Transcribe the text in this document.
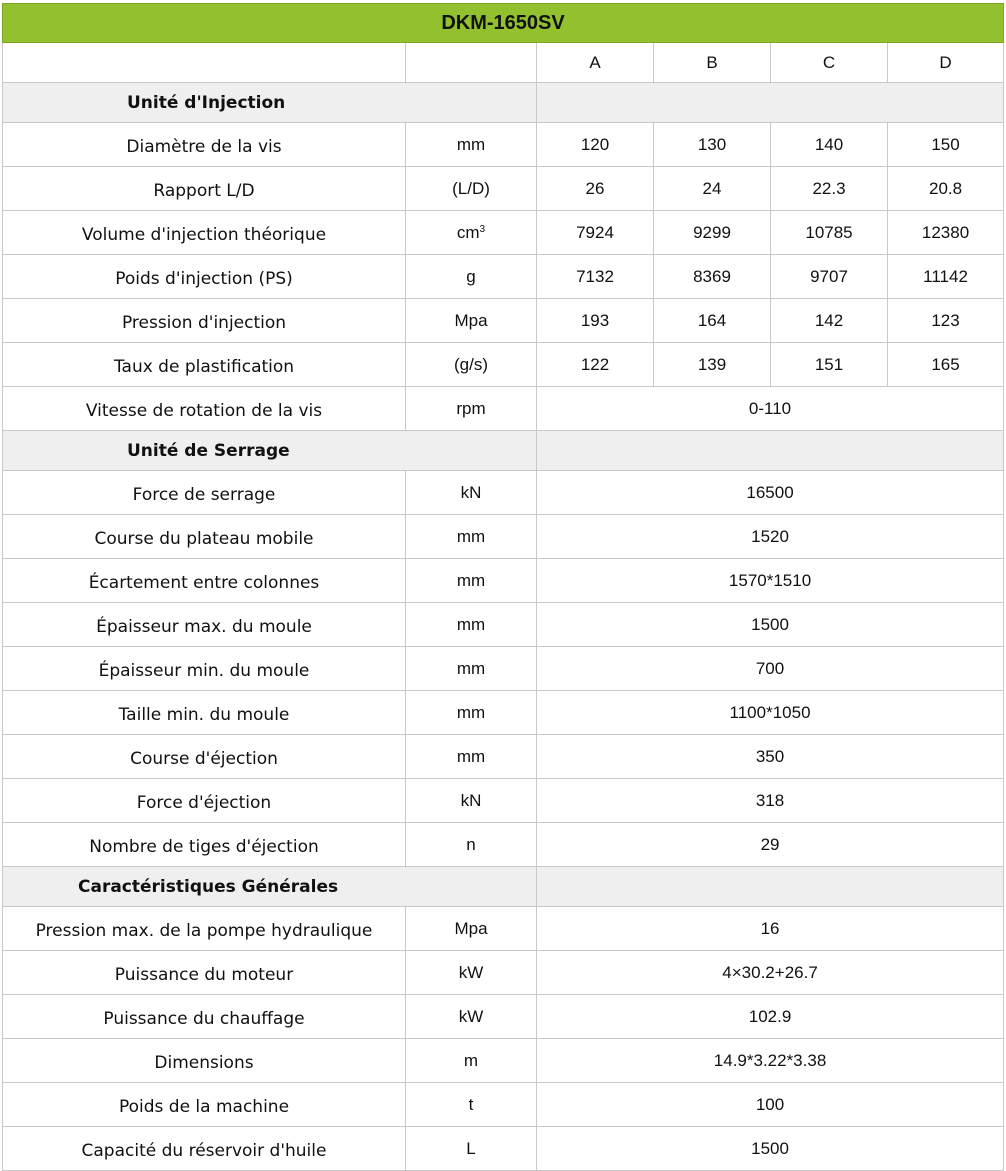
DKM-1650SV					
		A	B	C	D
Unité d'Injection					
Diamètre de la vis	mm	120	130	140	150
Rapport L/D	(L/D)	26	24	22.3	20.8
Volume d'injection théorique	$cm^3$	7924	9299	10785	12380
Poids d'injection (PS)	g	7132	8369	9707	11142
Pression d'injection	Mpa	193	164	142	123
Taux de plastification	(g/s)	122	139	151	165
Vitesse de rotation de la vis	rpm	0-110			
Unité de Serrage					
Force de serrage	kN	16500			
Course du plateau mobile	mm	1520			
Écartement entre colonnes	mm	1570*1510			
Épaisseur max. du moule	mm	1500			
Épaisseur min. du moule	mm	700			
Taille min. du moule	mm	1100*1050			
Course d'éjection	mm	350			
Force d'éjection	kN	318			
Nombre de tiges d'éjection	n	29			
Caractéristiques Générales					
Pression max. de la pompe hydraulique	Mpa	16			
Puissance du moteur	kW	4×30.2+26.7			
Puissance du chauffage	kW	102.9			
Dimensions	m	14.9*3.22*3.38			
Poids de la machine	t	100			
Capacité du réservoir d'huile	L	1500			
